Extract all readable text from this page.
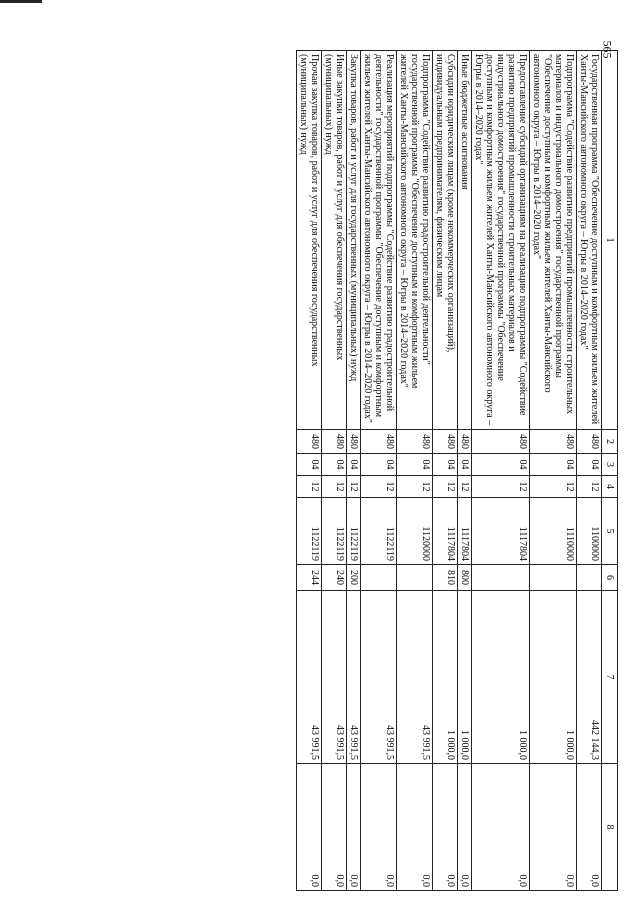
565
1	2	3	4	5	6	7	8
Государственная программа "Обеспечение доступным и комфортным жильем жителей Ханты-Мансийского автономного округа – Югры в 2014–2020 годах"	480	04	12	1100000		442 144,3	0,0
Подпрограмма "Содействие развитию предприятий промышленности строительных материалов и индустриального домостроения" государственной программы "Обеспечение доступным и комфортным жильем жителей Ханты-Мансийского автономного округа – Югры в 2014–2020 годах"	480	04	12	1110000		1 000,0	0,0
Предоставление субсидий организациям на реализацию подпрограммы "Содействие развитию предприятий промышленности строительных материалов и индустриального домостроения" государственной программы "Обеспечение доступным и комфортным жильем жителей Ханты-Мансийского автономного округа – Югры в 2014–2020 годах"	480	04	12	1117804		1 000,0	0,0
Иные бюджетные ассигнования	480	04	12	1117804	800	1 000,0	0,0
Субсидии юридическим лицам (кроме некоммерческих организаций), индивидуальным предпринимателям, физическим лицам	480	04	12	1117804	810	1 000,0	0,0
Подпрограмма "Содействие развитию градостроительной деятельности" государственной программы "Обеспечение доступным и комфортным жильем жителей Ханты-Мансийского автономного округа – Югры в 2014–2020 годах"	480	04	12	1120000		43 991,5	0,0
Реализация мероприятий подпрограммы "Содействие развитию градостроительной деятельности" государственной программы "Обеспечение доступным и комфортным жильем жителей Ханты-Мансийского автономного округа – Югры в 2014–2020 годах"	480	04	12	1122119		43 991,5	0,0
Закупка товаров, работ и услуг для государственных (муниципальных) нужд	480	04	12	1122119	200	43 991,5	0,0
Иные закупки товаров, работ и услуг для обеспечения государственных (муниципальных) нужд	480	04	12	1122119	240	43 991,5	0,0
Прочая закупка товаров, работ и услуг для обеспечения государственных (муниципальных) нужд	480	04	12	1122119	244	43 991,5	0,0
